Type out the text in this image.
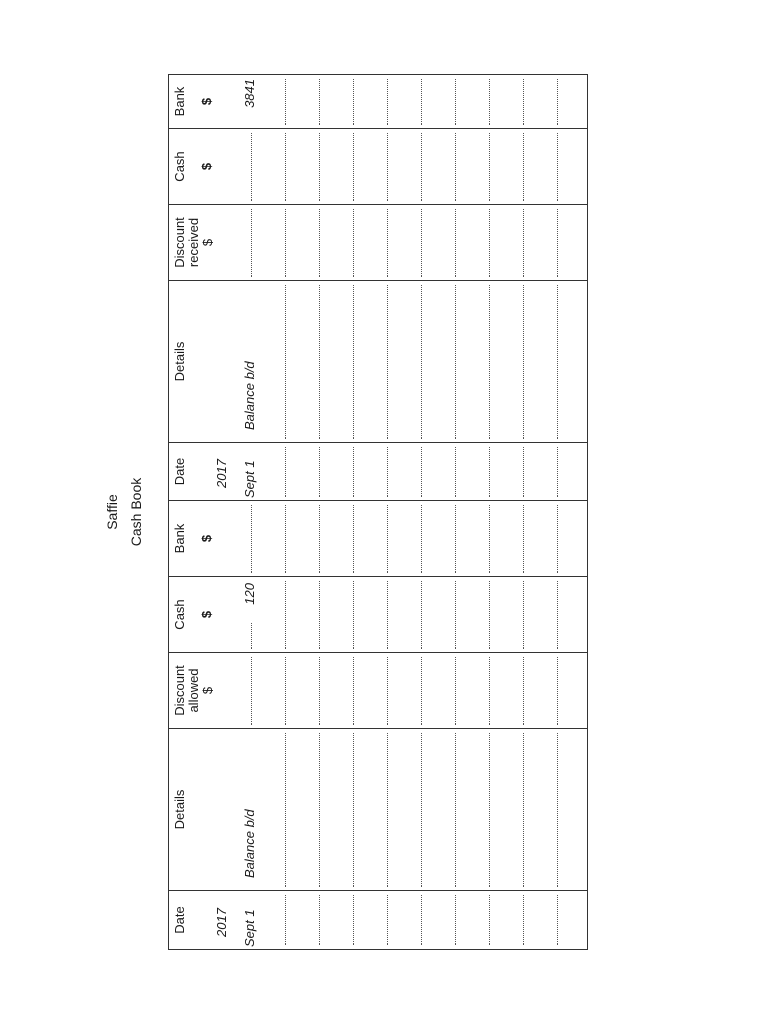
Saffie Cash Book
Date 2017 Sept 1
Details	Balance b/d
Discount allowed $
Cash $
120
Bank $
Date 2017 Sept 1
Details	Balance b/d
Discount received $
Cash $
Bank $ 3841
